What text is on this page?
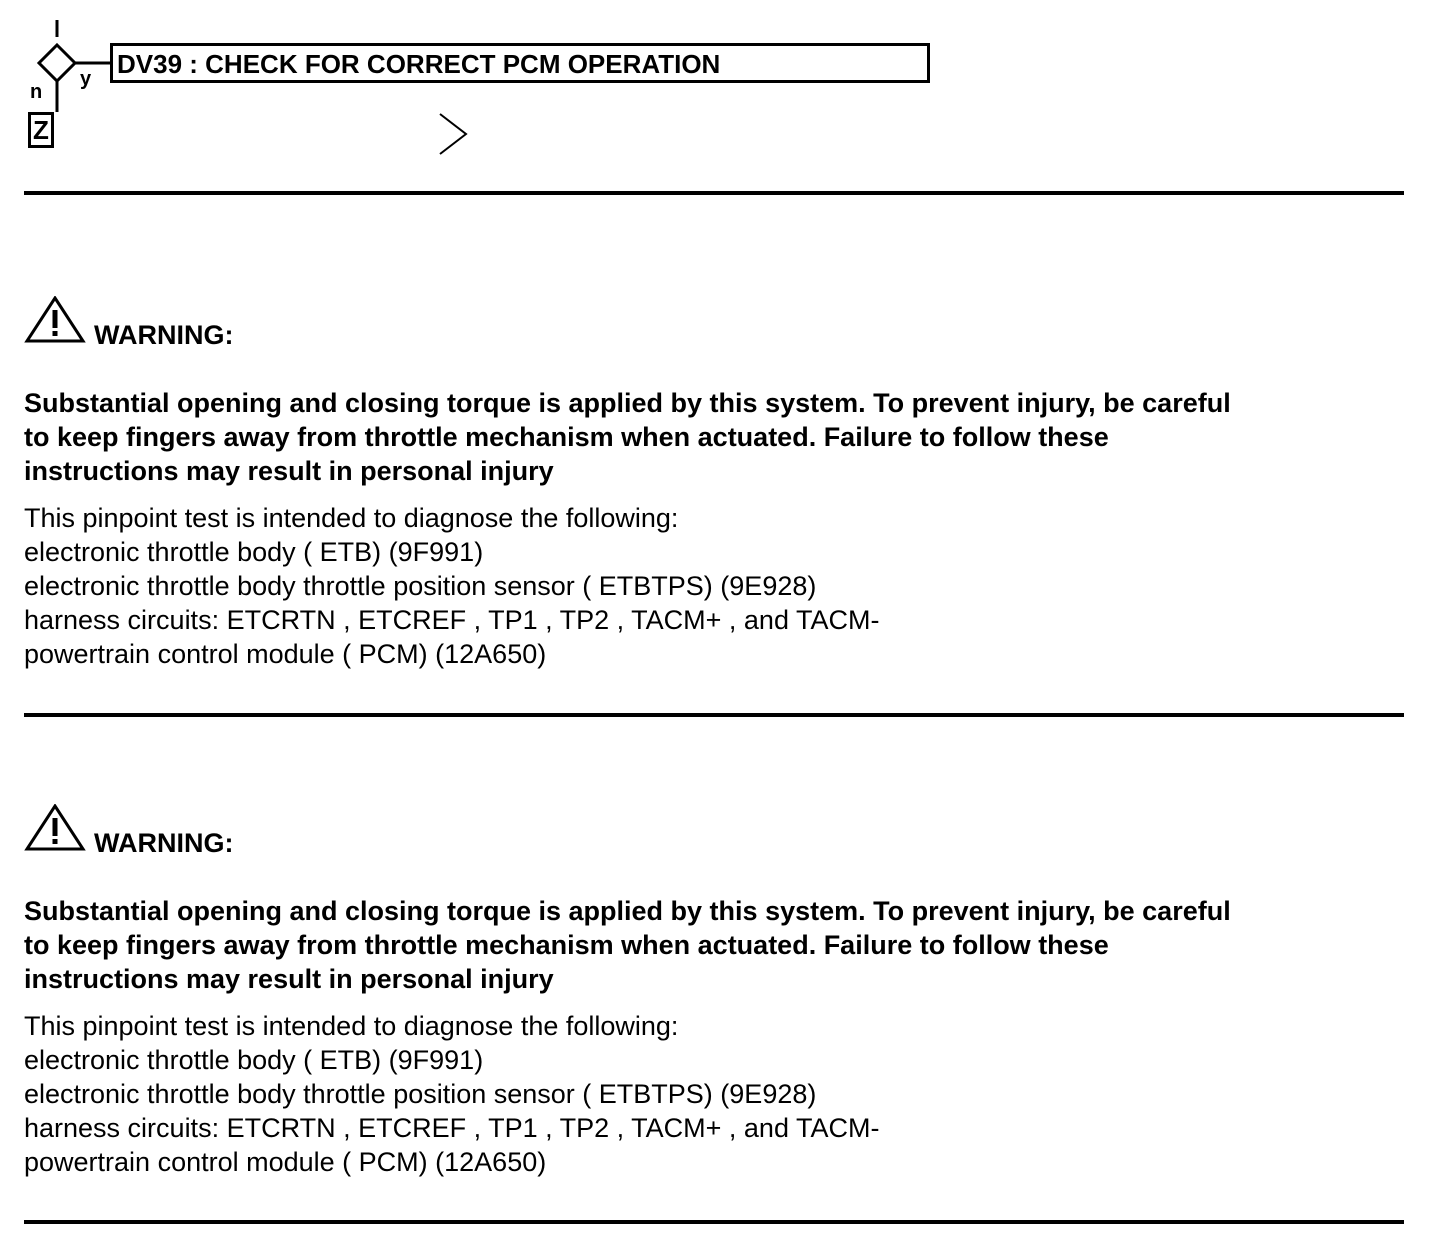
DV39 : CHECK FOR CORRECT PCM OPERATION
y
n
Z
WARNING:
Substantial opening and closing torque is applied by this system. To prevent injury, be careful
to keep fingers away from throttle mechanism when actuated. Failure to follow these
instructions may result in personal injury
This pinpoint test is intended to diagnose the following:
electronic throttle body ( ETB) (9F991)
electronic throttle body throttle position sensor ( ETBTPS) (9E928)
harness circuits: ETCRTN , ETCREF , TP1 , TP2 , TACM+ , and TACM-
powertrain control module ( PCM) (12A650)
WARNING:
Substantial opening and closing torque is applied by this system. To prevent injury, be careful
to keep fingers away from throttle mechanism when actuated. Failure to follow these
instructions may result in personal injury
This pinpoint test is intended to diagnose the following:
electronic throttle body ( ETB) (9F991)
electronic throttle body throttle position sensor ( ETBTPS) (9E928)
harness circuits: ETCRTN , ETCREF , TP1 , TP2 , TACM+ , and TACM-
powertrain control module ( PCM) (12A650)
